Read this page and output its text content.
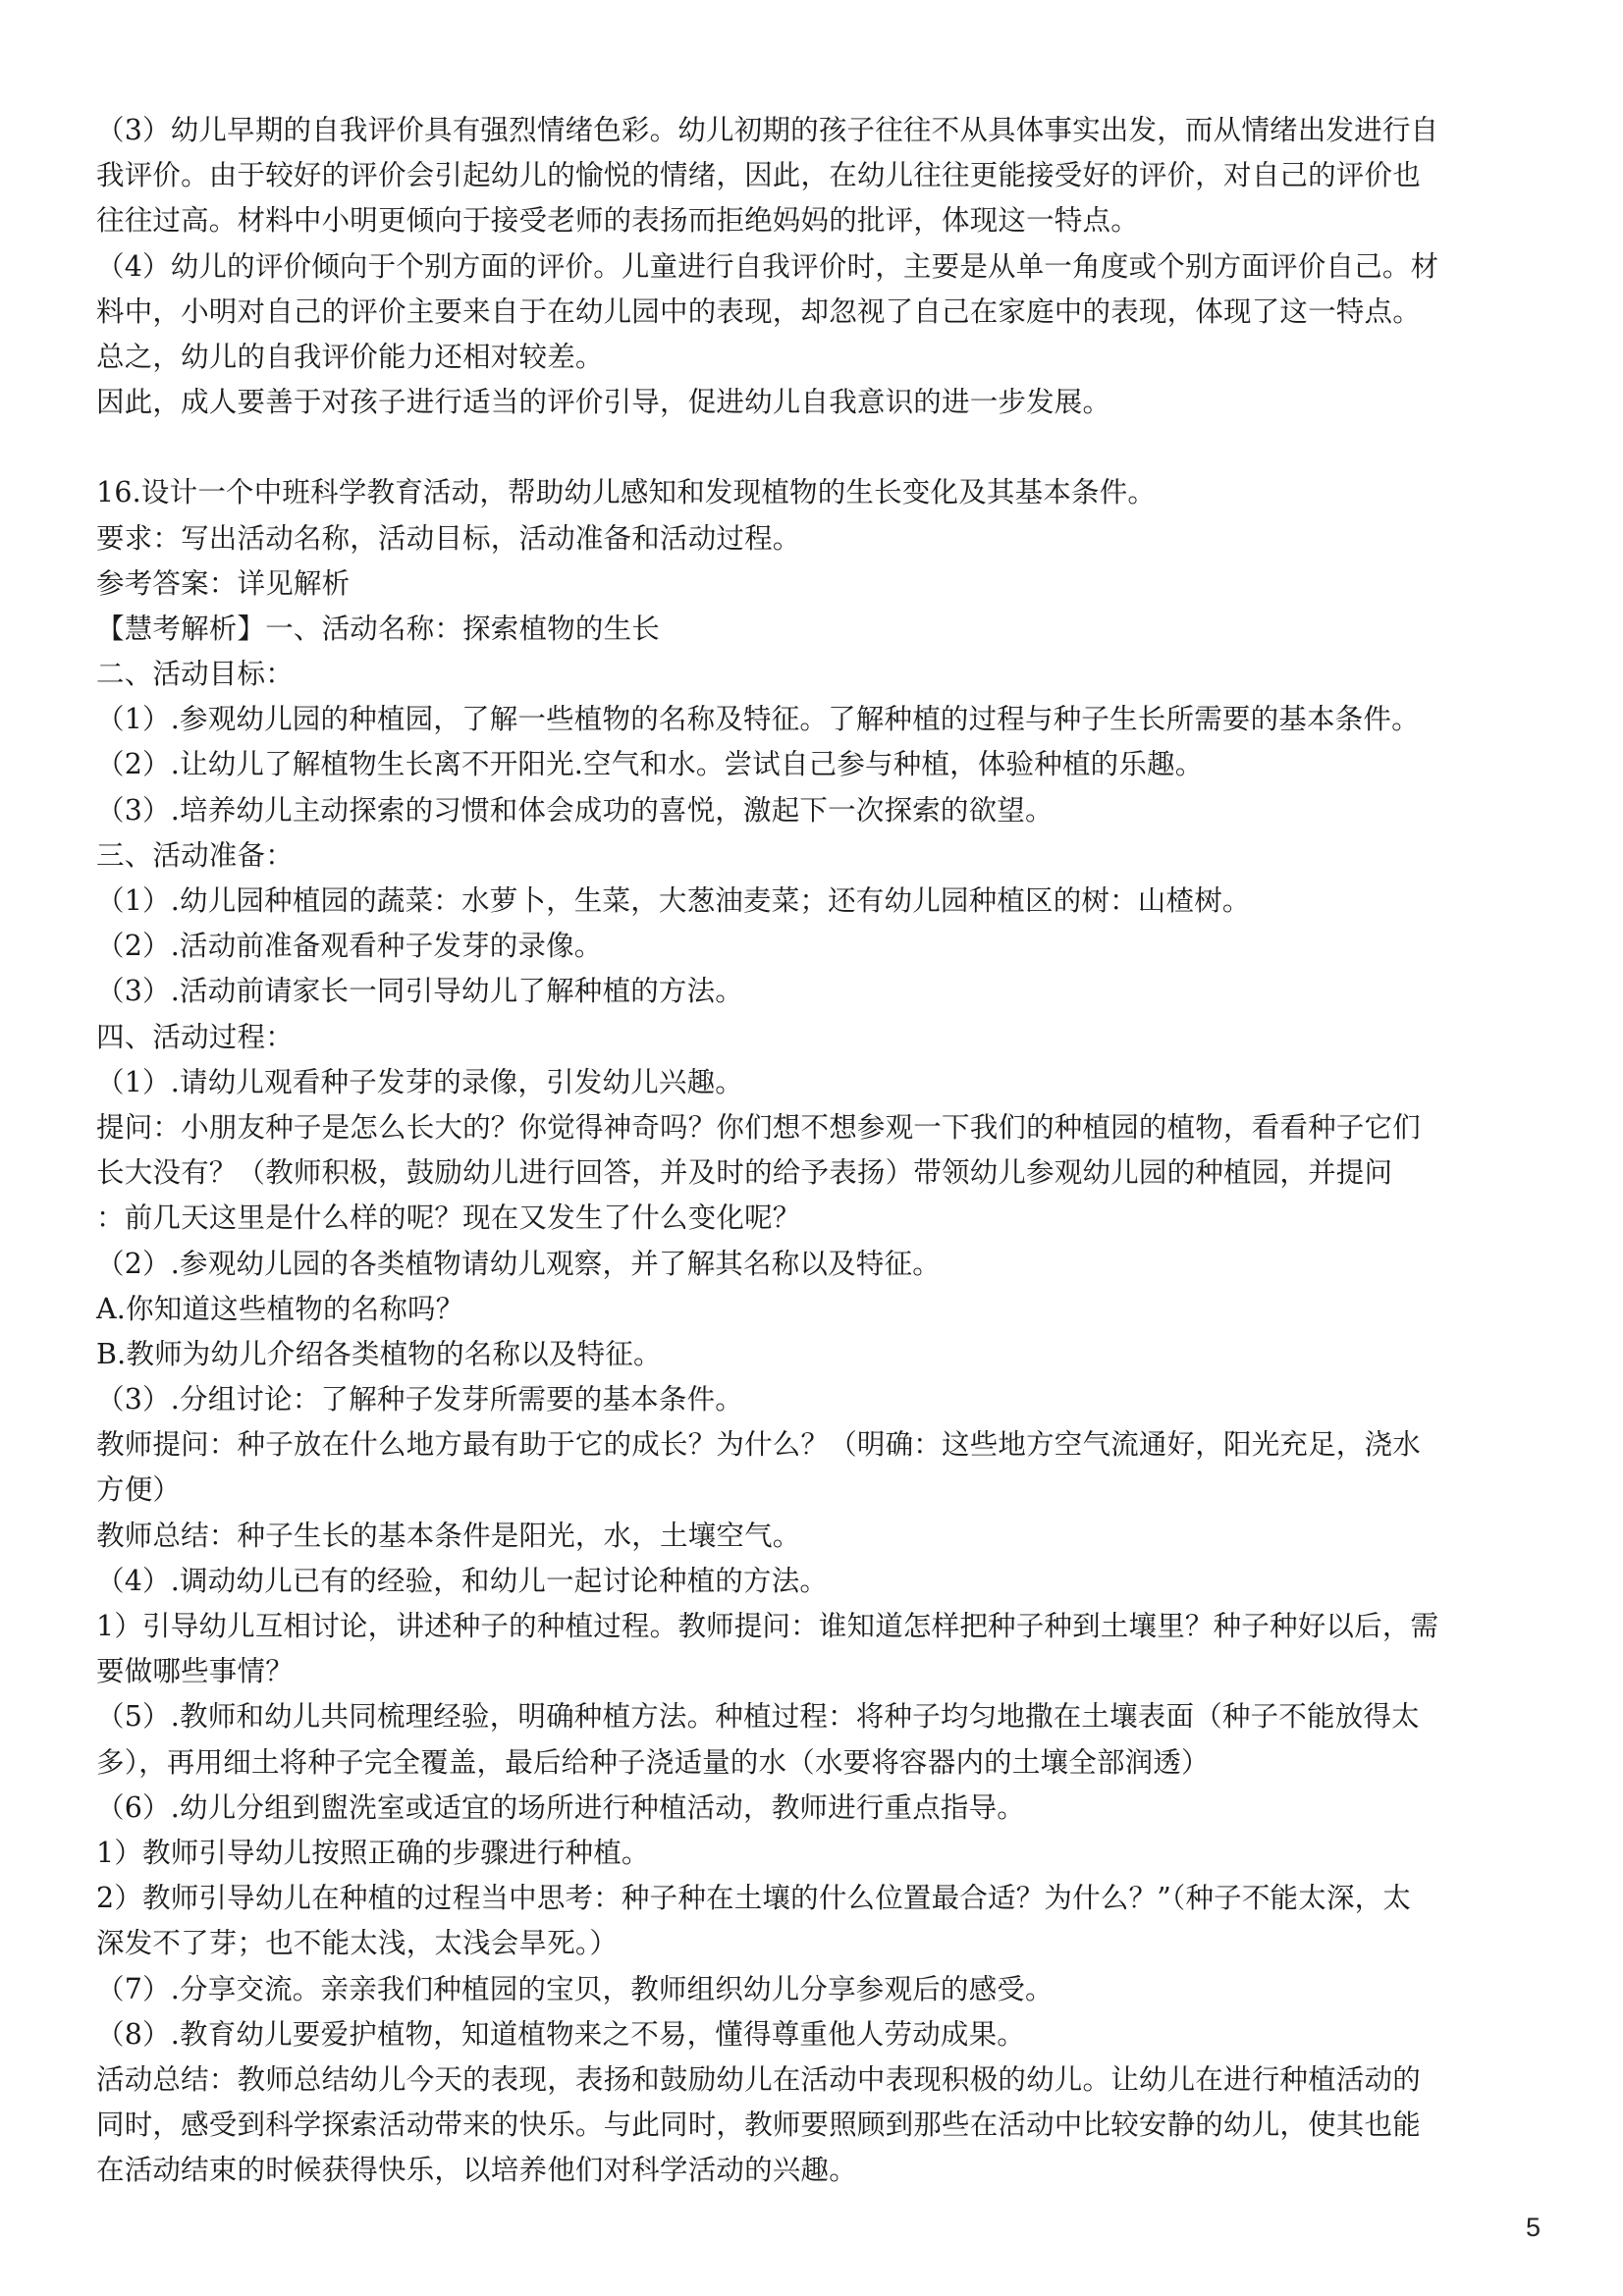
（3）幼儿早期的自我评价具有强烈情绪色彩。幼儿初期的孩子往往不从具体事实出发，而从情绪出发进行自
我评价。由于较好的评价会引起幼儿的愉悦的情绪，因此，在幼儿往往更能接受好的评价，对自己的评价也
往往过高。材料中小明更倾向于接受老师的表扬而拒绝妈妈的批评，体现这一特点。
（4）幼儿的评价倾向于个别方面的评价。儿童进行自我评价时，主要是从单一角度或个别方面评价自己。材
料中，小明对自己的评价主要来自于在幼儿园中的表现，却忽视了自己在家庭中的表现，体现了这一特点。
总之，幼儿的自我评价能力还相对较差。
因此，成人要善于对孩子进行适当的评价引导，促进幼儿自我意识的进一步发展。
16.设计一个中班科学教育活动，帮助幼儿感知和发现植物的生长变化及其基本条件。
要求：写出活动名称，活动目标，活动准备和活动过程。
参考答案：详见解析
【慧考解析】一、活动名称：探索植物的生长
二、活动目标：
（1）.参观幼儿园的种植园，了解一些植物的名称及特征。了解种植的过程与种子生长所需要的基本条件。
（2）.让幼儿了解植物生长离不开阳光.空气和水。尝试自己参与种植，体验种植的乐趣。
（3）.培养幼儿主动探索的习惯和体会成功的喜悦，激起下一次探索的欲望。
三、活动准备：
（1）.幼儿园种植园的蔬菜：水萝卜，生菜，大葱油麦菜；还有幼儿园种植区的树：山楂树。
（2）.活动前准备观看种子发芽的录像。
（3）.活动前请家长一同引导幼儿了解种植的方法。
四、活动过程：
（1）.请幼儿观看种子发芽的录像，引发幼儿兴趣。
提问：小朋友种子是怎么长大的？你觉得神奇吗？你们想不想参观一下我们的种植园的植物，看看种子它们
长大没有？（教师积极，鼓励幼儿进行回答，并及时的给予表扬）带领幼儿参观幼儿园的种植园，并提问
：前几天这里是什么样的呢？现在又发生了什么变化呢？
（2）.参观幼儿园的各类植物请幼儿观察，并了解其名称以及特征。
A.你知道这些植物的名称吗？
B.教师为幼儿介绍各类植物的名称以及特征。
（3）.分组讨论：了解种子发芽所需要的基本条件。
教师提问：种子放在什么地方最有助于它的成长？为什么？（明确：这些地方空气流通好，阳光充足，浇水
方便）
教师总结：种子生长的基本条件是阳光，水，土壤空气。
（4）.调动幼儿已有的经验，和幼儿一起讨论种植的方法。
1）引导幼儿互相讨论，讲述种子的种植过程。教师提问：谁知道怎样把种子种到土壤里？种子种好以后，需
要做哪些事情？
（5）.教师和幼儿共同梳理经验，明确种植方法。种植过程：将种子均匀地撒在土壤表面（种子不能放得太
多），再用细土将种子完全覆盖，最后给种子浇适量的水（水要将容器内的土壤全部润透）
（6）.幼儿分组到盥洗室或适宜的场所进行种植活动，教师进行重点指导。
1）教师引导幼儿按照正确的步骤进行种植。
2）教师引导幼儿在种植的过程当中思考：种子种在土壤的什么位置最合适？为什么？”（种子不能太深，太
深发不了芽；也不能太浅，太浅会旱死。）
（7）.分享交流。亲亲我们种植园的宝贝，教师组织幼儿分享参观后的感受。
（8）.教育幼儿要爱护植物，知道植物来之不易，懂得尊重他人劳动成果。
活动总结：教师总结幼儿今天的表现，表扬和鼓励幼儿在活动中表现积极的幼儿。让幼儿在进行种植活动的
同时，感受到科学探索活动带来的快乐。与此同时，教师要照顾到那些在活动中比较安静的幼儿，使其也能
在活动结束的时候获得快乐，以培养他们对科学活动的兴趣。
5
